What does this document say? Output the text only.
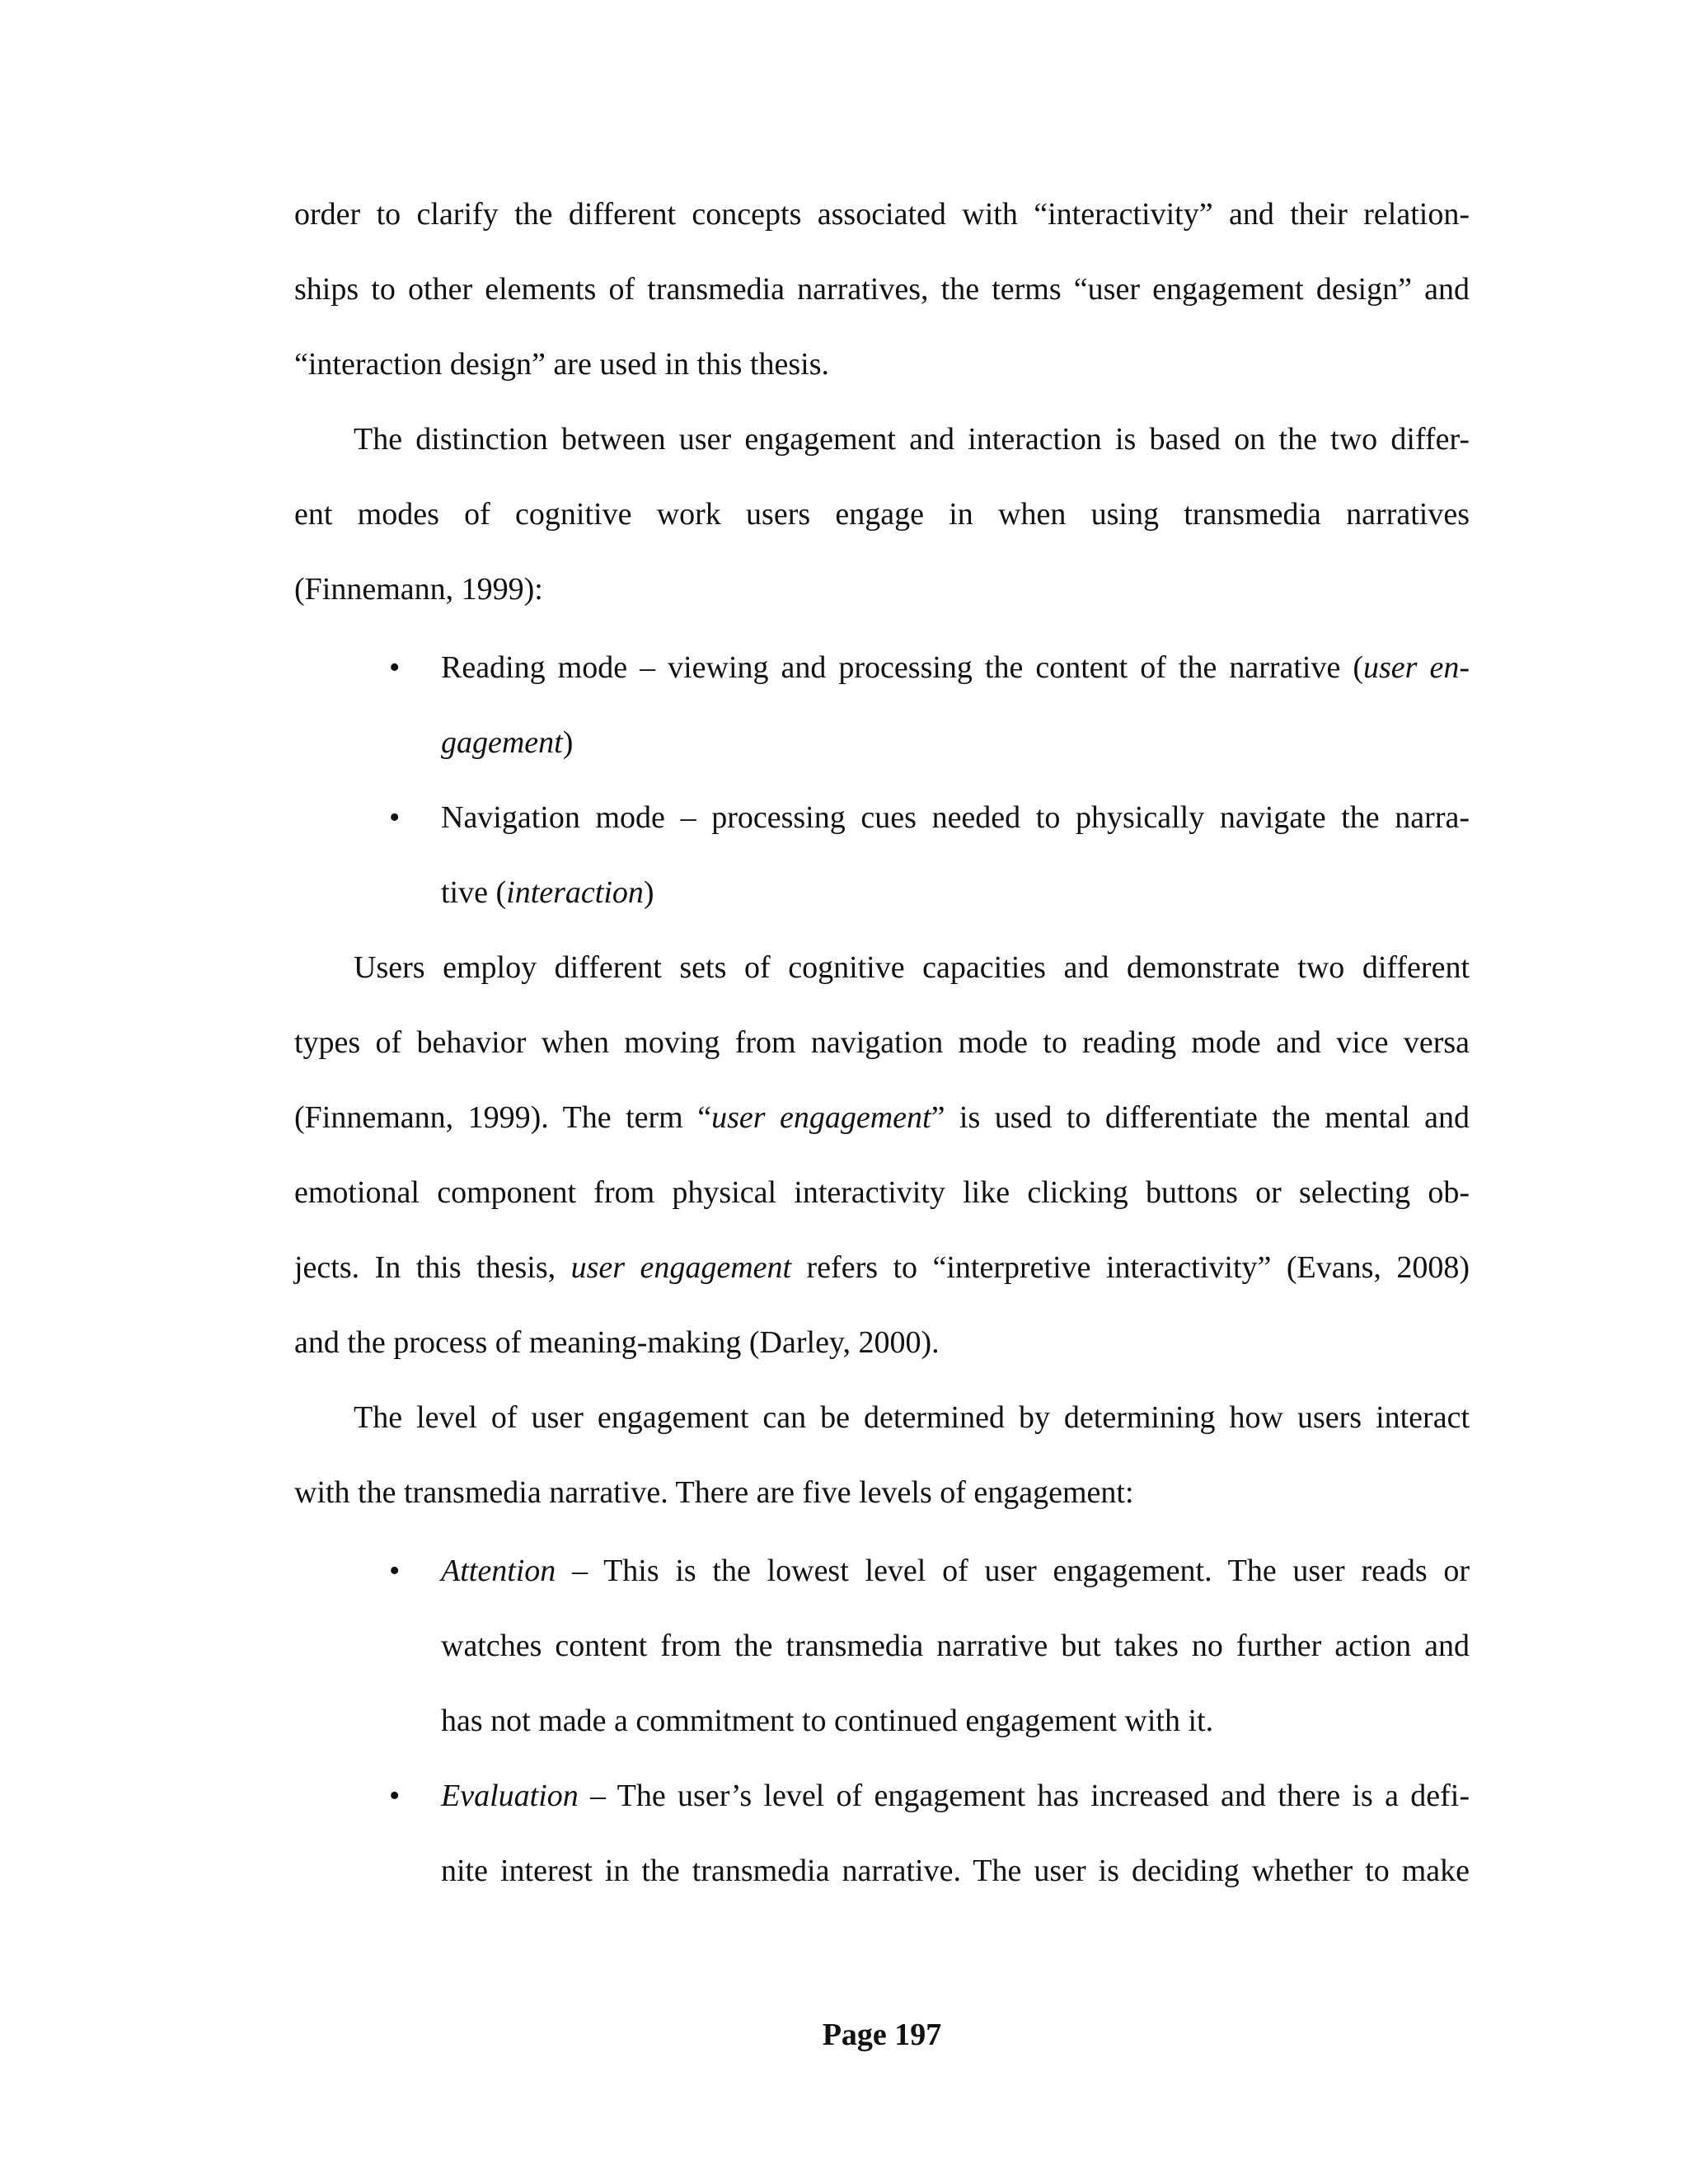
order to clarify the different concepts associated with “interactivity” and their relation-
ships to other elements of transmedia narratives, the terms “user engagement design” and
“interaction design” are used in this thesis.
The distinction between user engagement and interaction is based on the two differ-
ent modes of cognitive work users engage in when using transmedia narratives
(Finnemann, 1999):
• Reading mode – viewing and processing the content of the narrative (user en-
gagement)
• Navigation mode – processing cues needed to physically navigate the narra-
tive (interaction)
Users employ different sets of cognitive capacities and demonstrate two different
types of behavior when moving from navigation mode to reading mode and vice versa
(Finnemann, 1999). The term “user engagement” is used to differentiate the mental and
emotional component from physical interactivity like clicking buttons or selecting ob-
jects. In this thesis, user engagement refers to “interpretive interactivity” (Evans, 2008)
and the process of meaning-making (Darley, 2000).
The level of user engagement can be determined by determining how users interact
with the transmedia narrative. There are five levels of engagement:
• Attention – This is the lowest level of user engagement. The user reads or
watches content from the transmedia narrative but takes no further action and
has not made a commitment to continued engagement with it.
• Evaluation – The user’s level of engagement has increased and there is a defi-
nite interest in the transmedia narrative. The user is deciding whether to make
Page 197
